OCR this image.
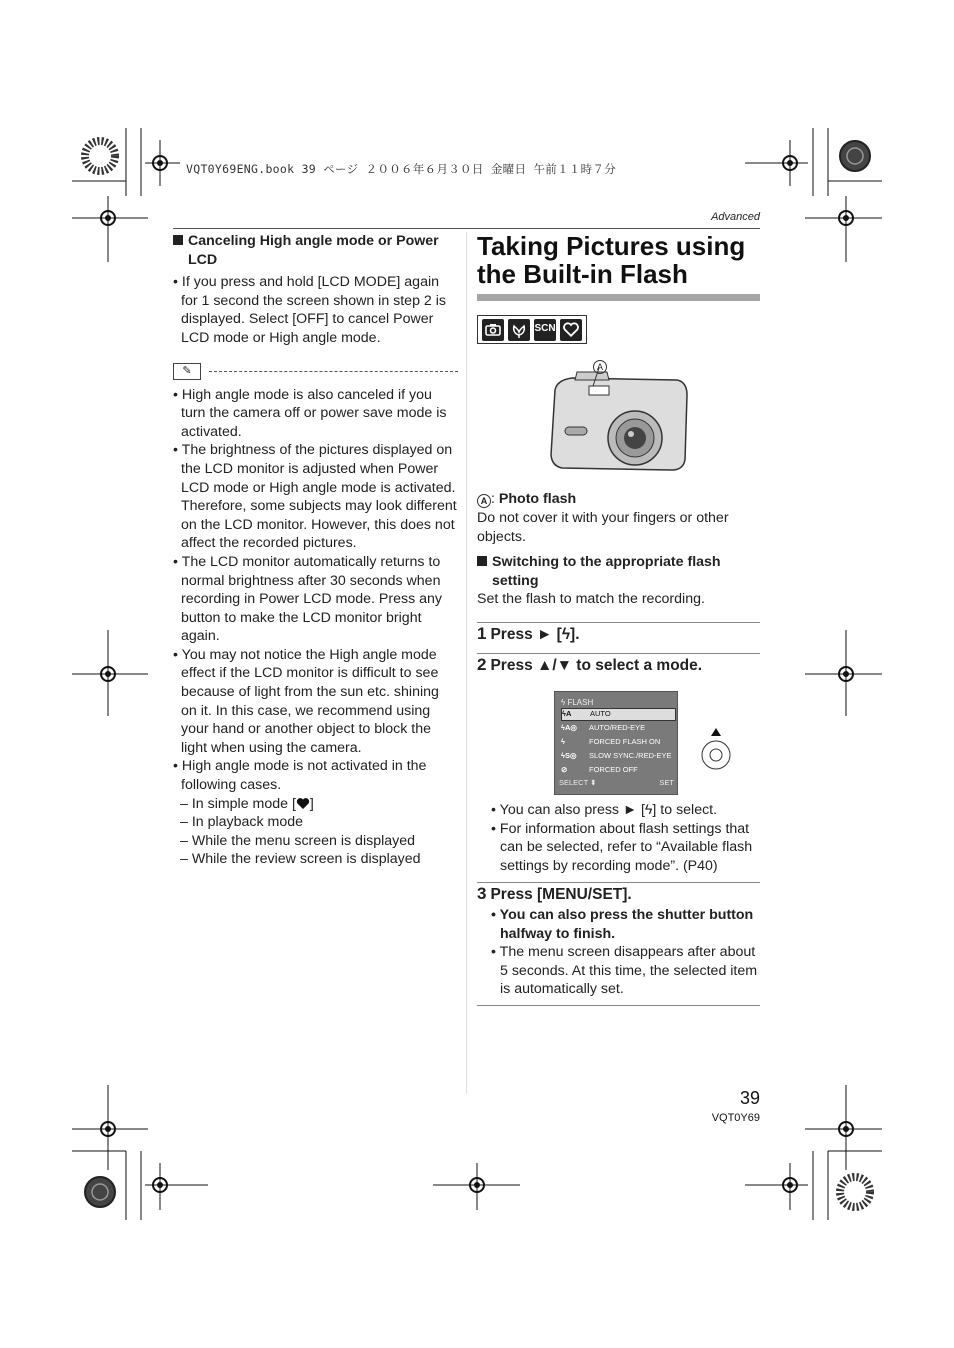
VQT0Y69ENG.book 39 ページ ２００６年６月３０日 金曜日 午前１１時７分
Advanced
Canceling High angle mode or Power LCD
• If you press and hold [LCD MODE] again for 1 second the screen shown in step 2 is displayed. Select [OFF] to cancel Power LCD mode or High angle mode.
✎
• High angle mode is also canceled if you turn the camera off or power save mode is activated.
• The brightness of the pictures displayed on the LCD monitor is adjusted when Power LCD mode or High angle mode is activated. Therefore, some subjects may look different on the LCD monitor. However, this does not affect the recorded pictures.
• The LCD monitor automatically returns to normal brightness after 30 seconds when recording in Power LCD mode. Press any button to make the LCD monitor bright again.
• You may not notice the High angle mode effect if the LCD monitor is difficult to see because of light from the sun etc. shining on it. In this case, we recommend using your hand or another object to block the light when using the camera.
• High angle mode is not activated in the following cases.
– In simple mode [ ]
– In playback mode
– While the menu screen is displayed
– While the review screen is displayed
Taking Pictures using the Built-in Flash
SCN
A
A : Photo flash
Do not cover it with your fingers or other objects.
Switching to the appropriate flash setting
Set the flash to match the recording.
1 Press ► [ϟ].
2 Press ▲/▼ to select a mode.
ϟ FLASH
ϟA	AUTO
ϟA◎	AUTO/RED-EYE
ϟ	FORCED FLASH ON
ϟS◎	SLOW SYNC./RED-EYE
⊘	FORCED OFF
SELECT ⬍	SET
• You can also press ► [ϟ] to select.
• For information about flash settings that can be selected, refer to “Available flash settings by recording mode”. (P40)
3 Press [MENU/SET].
• You can also press the shutter button halfway to finish.
• The menu screen disappears after about 5 seconds. At this time, the selected item is automatically set.
39
VQT0Y69
